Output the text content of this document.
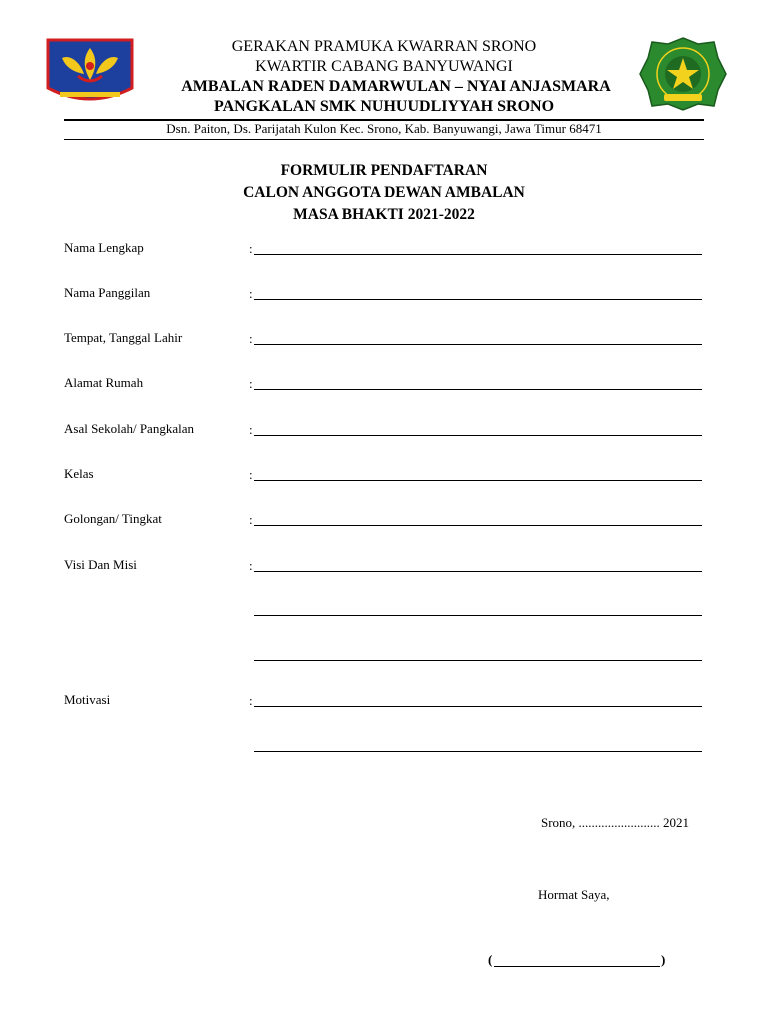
GERAKAN PRAMUKA KWARRAN SRONO
KWARTIR CABANG BANYUWANGI
AMBALAN RADEN DAMARWULAN – NYAI ANJASMARA
PANGKALAN SMK NUHUUDLIYYAH SRONO
Dsn. Paiton, Ds. Parijatah Kulon Kec. Srono, Kab. Banyuwangi, Jawa Timur 68471
FORMULIR PENDAFTARAN
CALON ANGGOTA DEWAN AMBALAN
MASA BHAKTI 2021-2022
Nama Lengkap	:
Nama Panggilan	:
Tempat, Tanggal Lahir	:
Alamat Rumah	:
Asal Sekolah/ Pangkalan	:
Kelas	:
Golongan/ Tingkat	:
Visi Dan Misi	:
Motivasi	:
Srono, ......................... 2021
Hormat Saya,
(	)
